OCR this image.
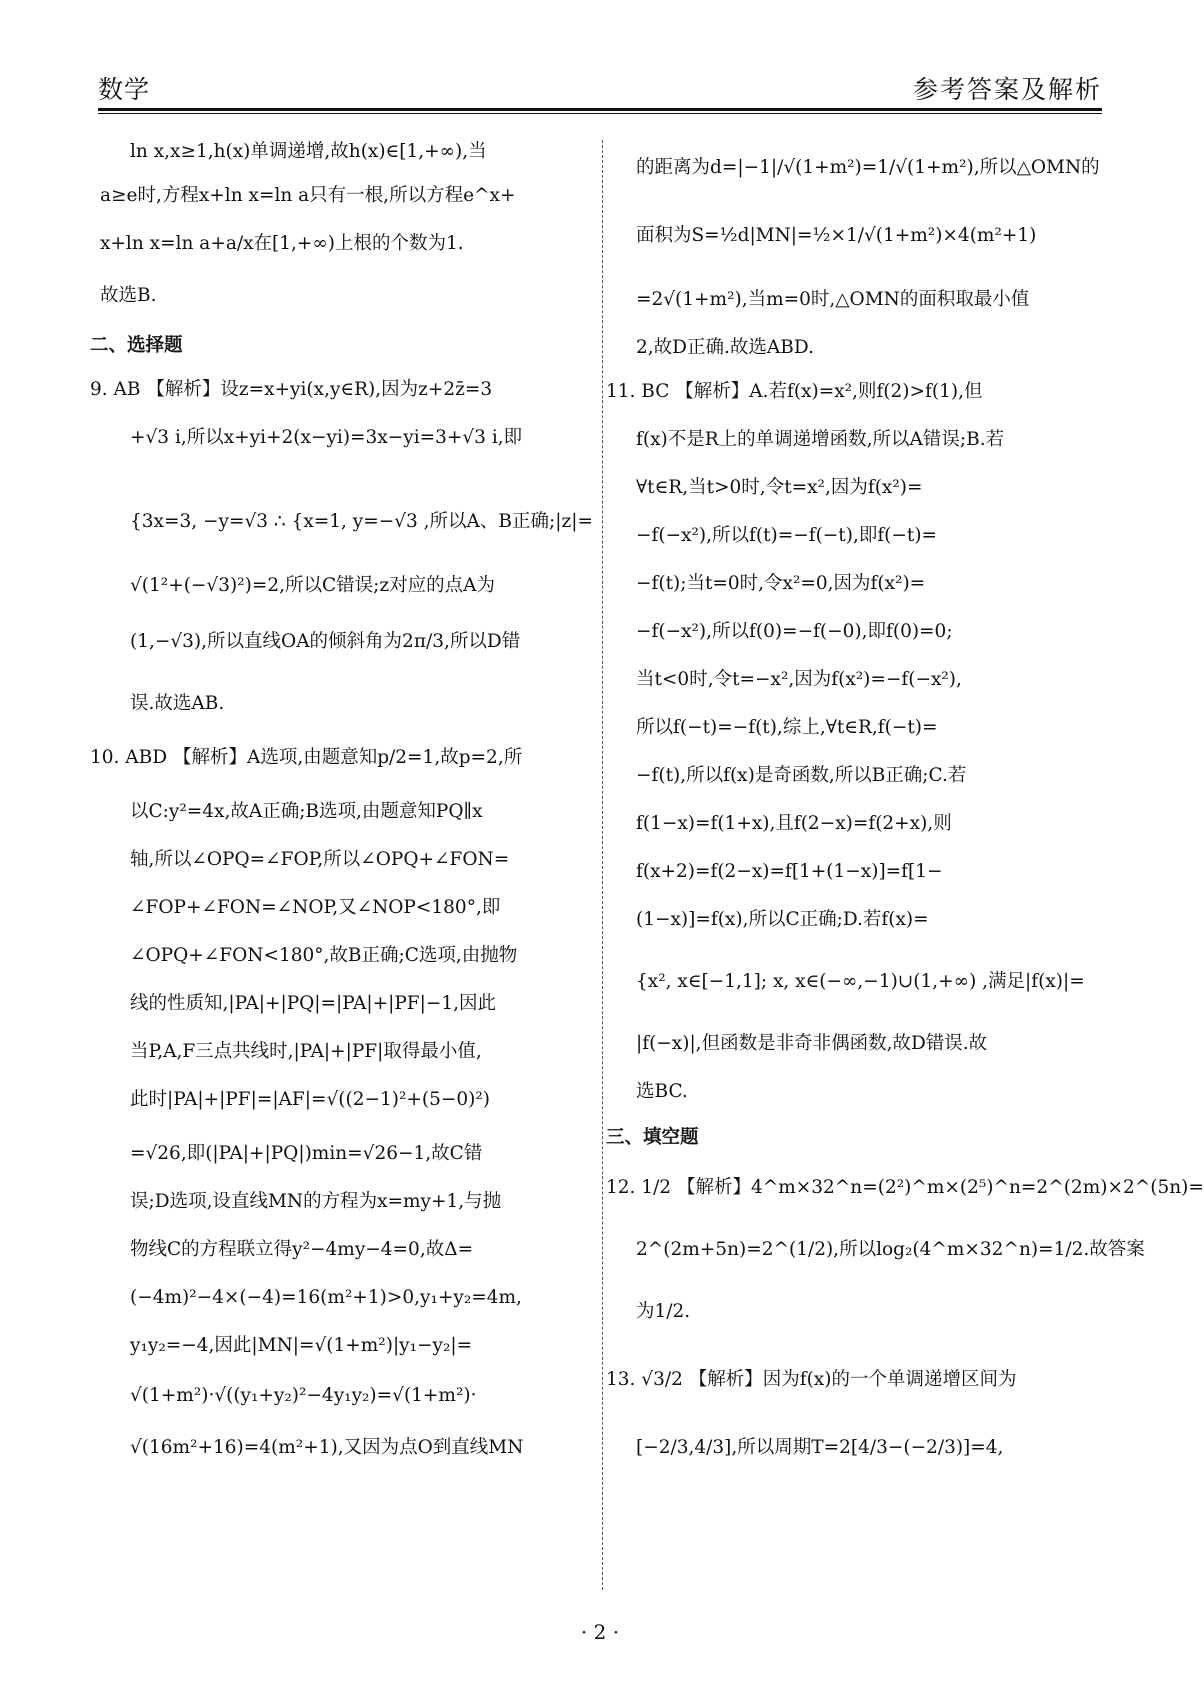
数学	参考答案及解析
ln x,x≥1,h(x)单调递增,故h(x)∈[1,+∞),当
a≥e时,方程x+ln x=ln a只有一根,所以方程e^x+
x+ln x=ln a+a/x在[1,+∞)上根的个数为1.
故选B.
二、选择题
9. AB 【解析】设z=x+yi(x,y∈R),因为z+2z̄=3
+√3 i,所以x+yi+2(x−yi)=3x−yi=3+√3 i,即
{3x=3, −y=√3 ∴ {x=1, y=−√3 ,所以A、B正确;|z|=
√(1²+(−√3)²)=2,所以C错误;z对应的点A为
(1,−√3),所以直线OA的倾斜角为2π/3,所以D错
误.故选AB.
10. ABD 【解析】A选项,由题意知p/2=1,故p=2,所
以C:y²=4x,故A正确;B选项,由题意知PQ∥x
轴,所以∠OPQ=∠FOP,所以∠OPQ+∠FON=
∠FOP+∠FON=∠NOP,又∠NOP<180°,即
∠OPQ+∠FON<180°,故B正确;C选项,由抛物
线的性质知,|PA|+|PQ|=|PA|+|PF|−1,因此
当P,A,F三点共线时,|PA|+|PF|取得最小值,
此时|PA|+|PF|=|AF|=√((2−1)²+(5−0)²)
=√26,即(|PA|+|PQ|)min=√26−1,故C错
误;D选项,设直线MN的方程为x=my+1,与抛
物线C的方程联立得y²−4my−4=0,故Δ=
(−4m)²−4×(−4)=16(m²+1)>0,y₁+y₂=4m,
y₁y₂=−4,因此|MN|=√(1+m²)|y₁−y₂|=
√(1+m²)·√((y₁+y₂)²−4y₁y₂)=√(1+m²)·
√(16m²+16)=4(m²+1),又因为点O到直线MN
的距离为d=|−1|/√(1+m²)=1/√(1+m²),所以△OMN的
面积为S=½d|MN|=½×1/√(1+m²)×4(m²+1)
=2√(1+m²),当m=0时,△OMN的面积取最小值
2,故D正确.故选ABD.
11. BC 【解析】A.若f(x)=x²,则f(2)>f(1),但
f(x)不是R上的单调递增函数,所以A错误;B.若
∀t∈R,当t>0时,令t=x²,因为f(x²)=
−f(−x²),所以f(t)=−f(−t),即f(−t)=
−f(t);当t=0时,令x²=0,因为f(x²)=
−f(−x²),所以f(0)=−f(−0),即f(0)=0;
当t<0时,令t=−x²,因为f(x²)=−f(−x²),
所以f(−t)=−f(t),综上,∀t∈R,f(−t)=
−f(t),所以f(x)是奇函数,所以B正确;C.若
f(1−x)=f(1+x),且f(2−x)=f(2+x),则
f(x+2)=f(2−x)=f[1+(1−x)]=f[1−
(1−x)]=f(x),所以C正确;D.若f(x)=
{x², x∈[−1,1]; x, x∈(−∞,−1)∪(1,+∞) ,满足|f(x)|=
|f(−x)|,但函数是非奇非偶函数,故D错误.故
选BC.
三、填空题
12. 1/2 【解析】4^m×32^n=(2²)^m×(2⁵)^n=2^(2m)×2^(5n)=
2^(2m+5n)=2^(1/2),所以log₂(4^m×32^n)=1/2.故答案
为1/2.
13. √3/2 【解析】因为f(x)的一个单调递增区间为
[−2/3,4/3],所以周期T=2[4/3−(−2/3)]=4,
· 2 ·
